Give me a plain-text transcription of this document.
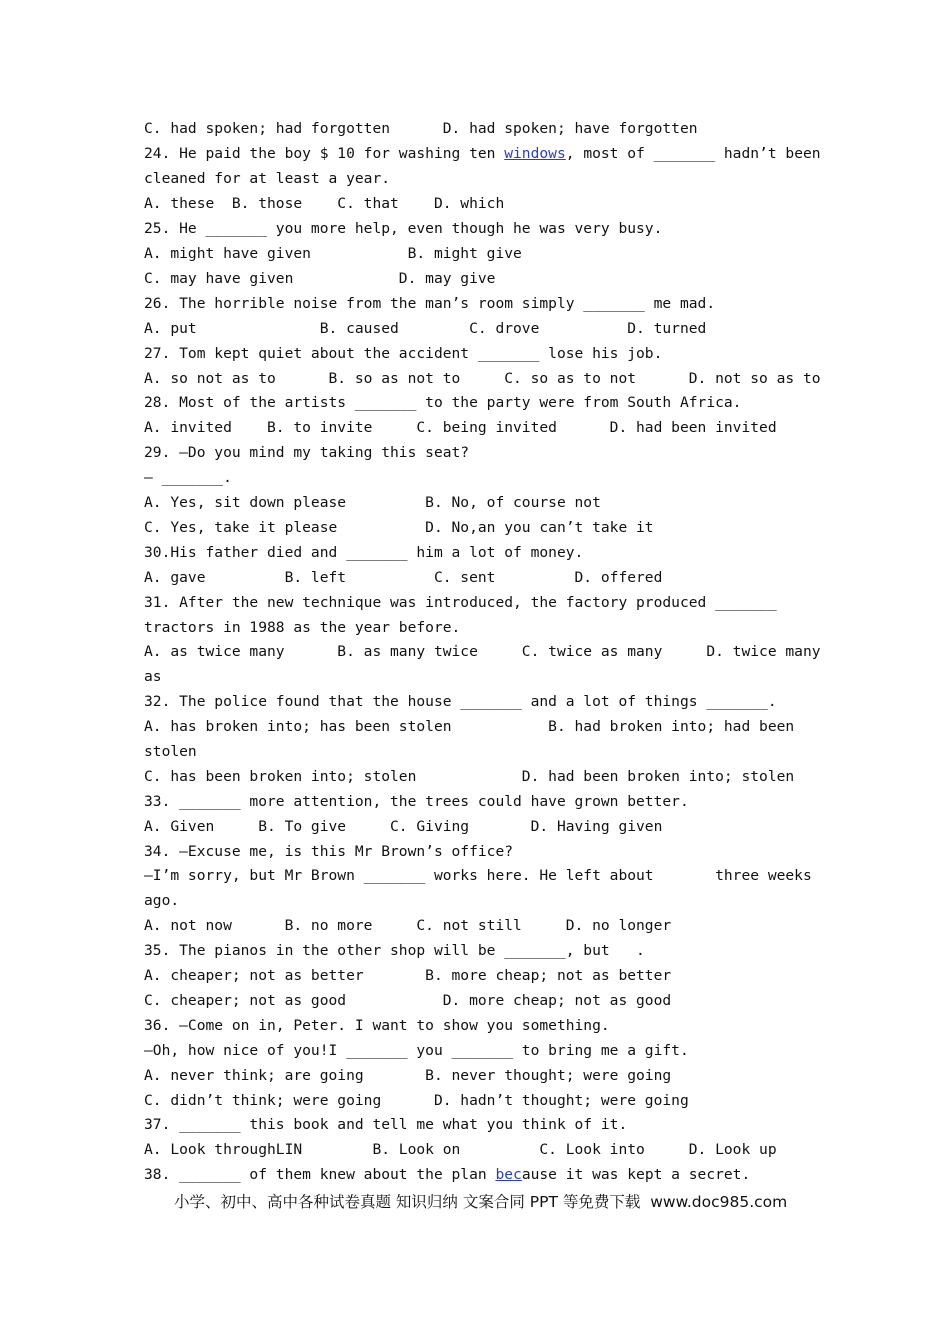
C. had spoken; had forgotten      D. had spoken; have forgotten
24. He paid the boy $ 10 for washing ten windows, most of _______ hadn’t been
cleaned for at least a year.
A. these  B. those    C. that    D. which
25. He _______ you more help, even though he was very busy.
A. might have given           B. might give
C. may have given            D. may give
26. The horrible noise from the man’s room simply _______ me mad.
A. put              B. caused        C. drove          D. turned
27. Tom kept quiet about the accident _______ lose his job.
A. so not as to      B. so as not to     C. so as to not      D. not so as to
28. Most of the artists _______ to the party were from South Africa.
A. invited    B. to invite     C. being invited      D. had been invited
29. —Do you mind my taking this seat?
— _______.
A. Yes, sit down please         B. No, of course not
C. Yes, take it please          D. No,an you can’t take it
30.His father died and _______ him a lot of money.
A. gave         B. left          C. sent         D. offered
31. After the new technique was introduced, the factory produced _______
tractors in 1988 as the year before.
A. as twice many      B. as many twice     C. twice as many     D. twice many
as
32. The police found that the house _______ and a lot of things _______.
A. has broken into; has been stolen           B. had broken into; had been
stolen
C. has been broken into; stolen            D. had been broken into; stolen
33. _______ more attention, the trees could have grown better.
A. Given     B. To give     C. Giving       D. Having given
34. —Excuse me, is this Mr Brown’s office?
—I’m sorry, but Mr Brown _______ works here. He left about       three weeks
ago.
A. not now      B. no more     C. not still     D. no longer
35. The pianos in the other shop will be _______, but   .
A. cheaper; not as better       B. more cheap; not as better
C. cheaper; not as good           D. more cheap; not as good
36. —Come on in, Peter. I want to show you something.
—Oh, how nice of you!I _______ you _______ to bring me a gift.
A. never think; are going       B. never thought; were going
C. didn’t think; were going      D. hadn’t thought; were going
37. _______ this book and tell me what you think of it.
A. Look throughLIN        B. Look on         C. Look into     D. Look up
38. _______ of them knew about the plan because it was kept a secret.
小学、初中、高中各种试卷真题 知识归纳 文案合同 PPT 等免费下载  www.doc985.com
